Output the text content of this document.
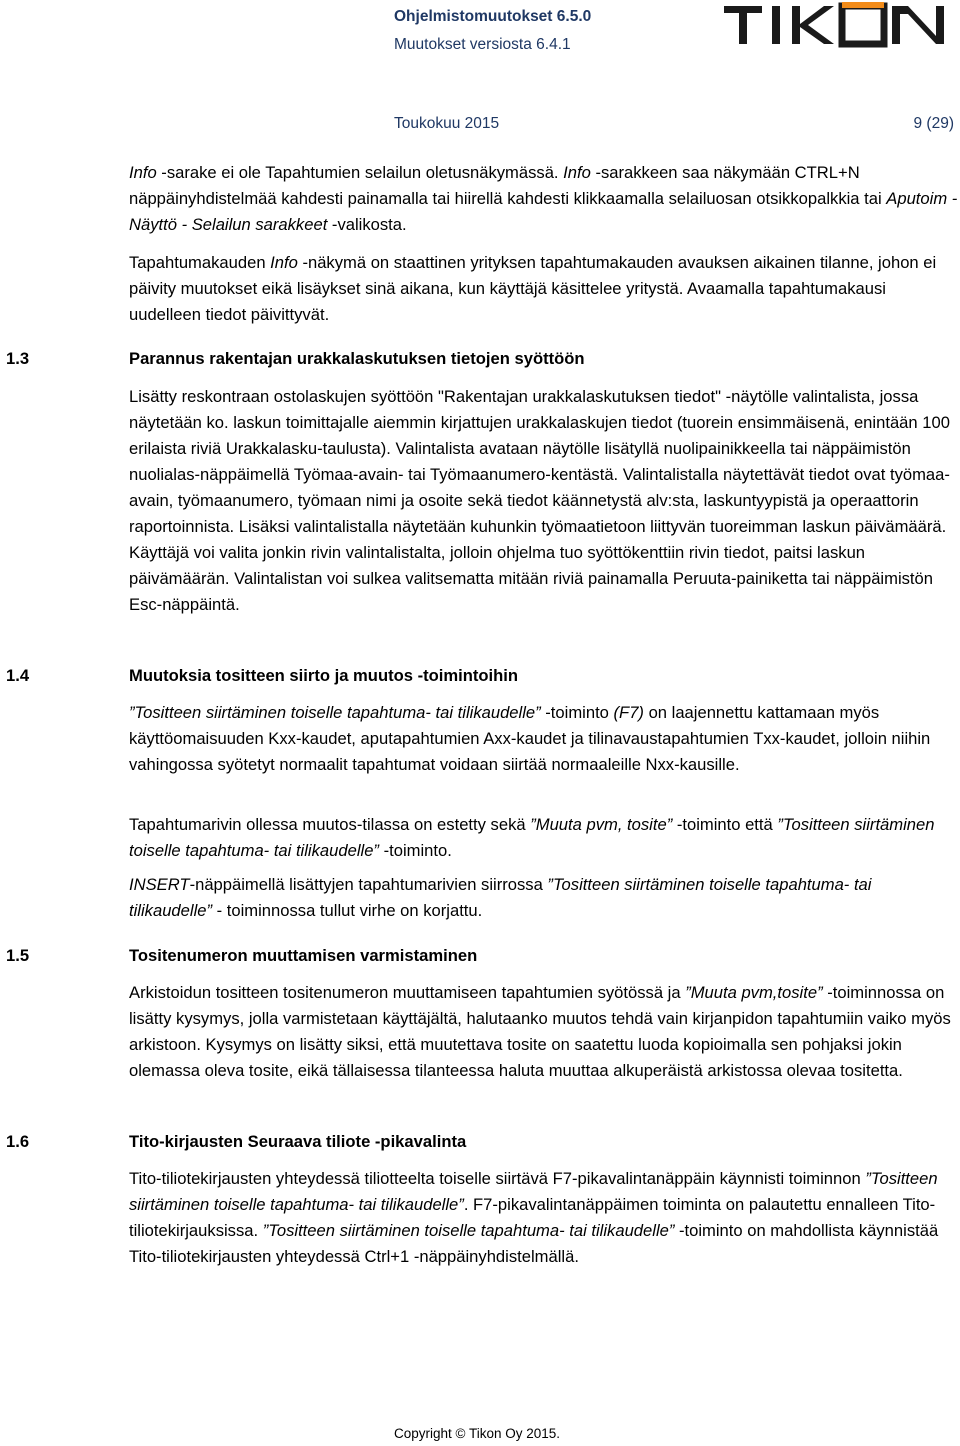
Ohjelmistomuutokset 6.5.0
Muutokset versiosta 6.4.1
Toukokuu 2015	9 (29)

Info -sarake ei ole Tapahtumien selailun oletusnäkymässä. Info -sarakkeen saa näkymään CTRL+N näppäinyhdistelmää kahdesti painamalla tai hiirellä kahdesti klikkaamalla selailuosan otsikkopalkkia tai Aputoim - Näyttö - Selailun sarakkeet -valikosta.

Tapahtumakauden Info -näkymä on staattinen yrityksen tapahtumakauden avauksen aikainen tilanne, johon ei päivity muutokset eikä lisäykset sinä aikana, kun käyttäjä käsittelee yritystä. Avaamalla tapahtumakausi uudelleen tiedot päivittyvät.

1.3	Parannus rakentajan urakkalaskutuksen tietojen syöttöön

Lisätty reskontraan ostolaskujen syöttöön "Rakentajan urakkalaskutuksen tiedot" -näytölle valintalista, jossa näytetään ko. laskun toimittajalle aiemmin kirjattujen urakkalaskujen tiedot (tuorein ensimmäisenä, enintään 100 erilaista riviä Urakkalasku-taulusta). Valintalista avataan näytölle lisätyllä nuolipainikkeella tai näppäimistön nuolialas-näppäimellä Työmaa-avain- tai Työmaanumero-kentästä. Valintalistalla näytettävät tiedot ovat työmaa-avain, työmaanumero, työmaan nimi ja osoite sekä tiedot käännetystä alv:sta, laskuntyypistä ja operaattorin raportoinnista. Lisäksi valintalistalla näytetään kuhunkin työmaatietoon liittyvän tuoreimman laskun päivämäärä. Käyttäjä voi valita jonkin rivin valintalistalta, jolloin ohjelma tuo syöttökenttiin rivin tiedot, paitsi laskun päivämäärän. Valintalistan voi sulkea valitsematta mitään riviä painamalla Peruuta-painiketta tai näppäimistön Esc-näppäintä.

1.4	Muutoksia tositteen siirto ja muutos -toimintoihin

”Tositteen siirtäminen toiselle tapahtuma- tai tilikaudelle” -toiminto (F7) on laajennettu kattamaan myös käyttöomaisuuden Kxx-kaudet, aputapahtumien Axx-kaudet ja tilinavaustapahtumien Txx-kaudet, jolloin niihin vahingossa syötetyt normaalit tapahtumat voidaan siirtää normaaleille Nxx-kausille.

Tapahtumarivin ollessa muutos-tilassa on estetty sekä ”Muuta pvm, tosite” -toiminto että ”Tositteen siirtäminen toiselle tapahtuma- tai tilikaudelle” -toiminto.

INSERT-näppäimellä lisättyjen tapahtumarivien siirrossa ”Tositteen siirtäminen toiselle tapahtuma- tai tilikaudelle” - toiminnossa tullut virhe on korjattu.

1.5	Tositenumeron muuttamisen varmistaminen

Arkistoidun tositteen tositenumeron muuttamiseen tapahtumien syötössä ja ”Muuta pvm,tosite” -toiminnossa on lisätty kysymys, jolla varmistetaan käyttäjältä, halutaanko muutos tehdä vain kirjanpidon tapahtumiin vaiko myös arkistoon. Kysymys on lisätty siksi, että muutettava tosite on saatettu luoda kopioimalla sen pohjaksi jokin olemassa oleva tosite, eikä tällaisessa tilanteessa haluta muuttaa alkuperäistä arkistossa olevaa tositetta.

1.6	Tito-kirjausten Seuraava tiliote -pikavalinta

Tito-tiliotekirjausten yhteydessä tiliotteelta toiselle siirtävä F7-pikavalintanäppäin käynnisti toiminnon ”Tositteen siirtäminen toiselle tapahtuma- tai tilikaudelle”. F7-pikavalintanäppäimen toiminta on palautettu ennalleen Tito-tiliotekirjauksissa. ”Tositteen siirtäminen toiselle tapahtuma- tai tilikaudelle” -toiminto on mahdollista käynnistää Tito-tiliotekirjausten yhteydessä Ctrl+1 -näppäinyhdistelmällä.

Copyright © Tikon Oy 2015.
